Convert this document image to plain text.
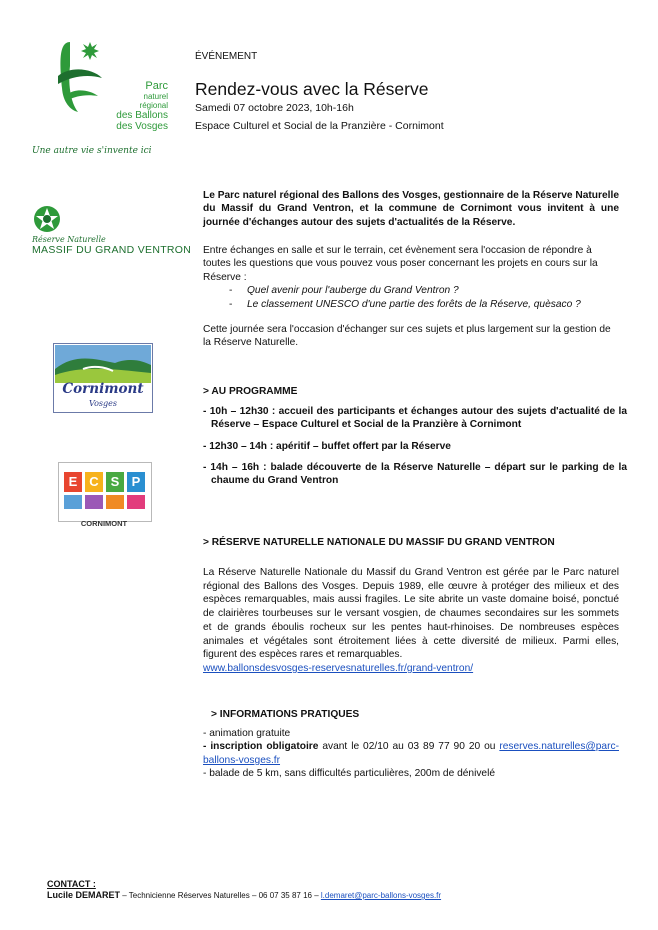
Parc
naturel
régional
des Ballons
des Vosges
Une autre vie s'invente ici
Réserve Naturelle
MASSIF DU GRAND VENTRON
Cornimont
Vosges
E C S P
CORNIMONT
ÉVÉNEMENT
Rendez-vous avec la Réserve
Samedi 07 octobre 2023, 10h-16h
Espace Culturel et Social de la Pranzière - Cornimont
Le Parc naturel régional des Ballons des Vosges, gestionnaire de la Réserve Naturelle du Massif du Grand Ventron, et la commune de Cornimont vous invitent à une journée d'échanges autour des sujets d'actualités de la Réserve.
Entre échanges en salle et sur le terrain, cet évènement sera l'occasion de répondre à toutes les questions que vous pouvez vous poser concernant les projets en cours sur la Réserve :
- Quel avenir pour l'auberge du Grand Ventron ?
- Le classement UNESCO d'une partie des forêts de la Réserve, quèsaco ?
Cette journée sera l'occasion d'échanger sur ces sujets et plus largement sur la gestion de la Réserve Naturelle.
> AU PROGRAMME
- 10h – 12h30 : accueil des participants et échanges autour des sujets d'actualité de la Réserve – Espace Culturel et Social de la Pranzière à Cornimont
- 12h30 – 14h : apéritif – buffet offert par la Réserve
- 14h – 16h : balade découverte de la Réserve Naturelle – départ sur le parking de la chaume du Grand Ventron
> RÉSERVE NATURELLE NATIONALE DU MASSIF DU GRAND VENTRON
La Réserve Naturelle Nationale du Massif du Grand Ventron est gérée par le Parc naturel régional des Ballons des Vosges. Depuis 1989, elle œuvre à protéger des milieux et des espèces remarquables, mais aussi fragiles. Le site abrite un vaste domaine boisé, ponctué de clairières tourbeuses sur le versant vosgien, de chaumes secondaires sur les sommets et de grands éboulis rocheux sur les pentes haut-rhinoises. De nombreuses espèces animales et végétales sont étroitement liées à cette diversité de milieux. Parmi elles, figurent des espèces rares et remarquables.
www.ballonsdesvosges-reservesnaturelles.fr/grand-ventron/
> INFORMATIONS PRATIQUES
- animation gratuite
- inscription obligatoire avant le 02/10 au 03 89 77 90 20 ou reserves.naturelles@parc-ballons-vosges.fr
- balade de 5 km, sans difficultés particulières, 200m de dénivelé
CONTACT :
Lucile DEMARET – Technicienne Réserves Naturelles – 06 07 35 87 16 – l.demaret@parc-ballons-vosges.fr
